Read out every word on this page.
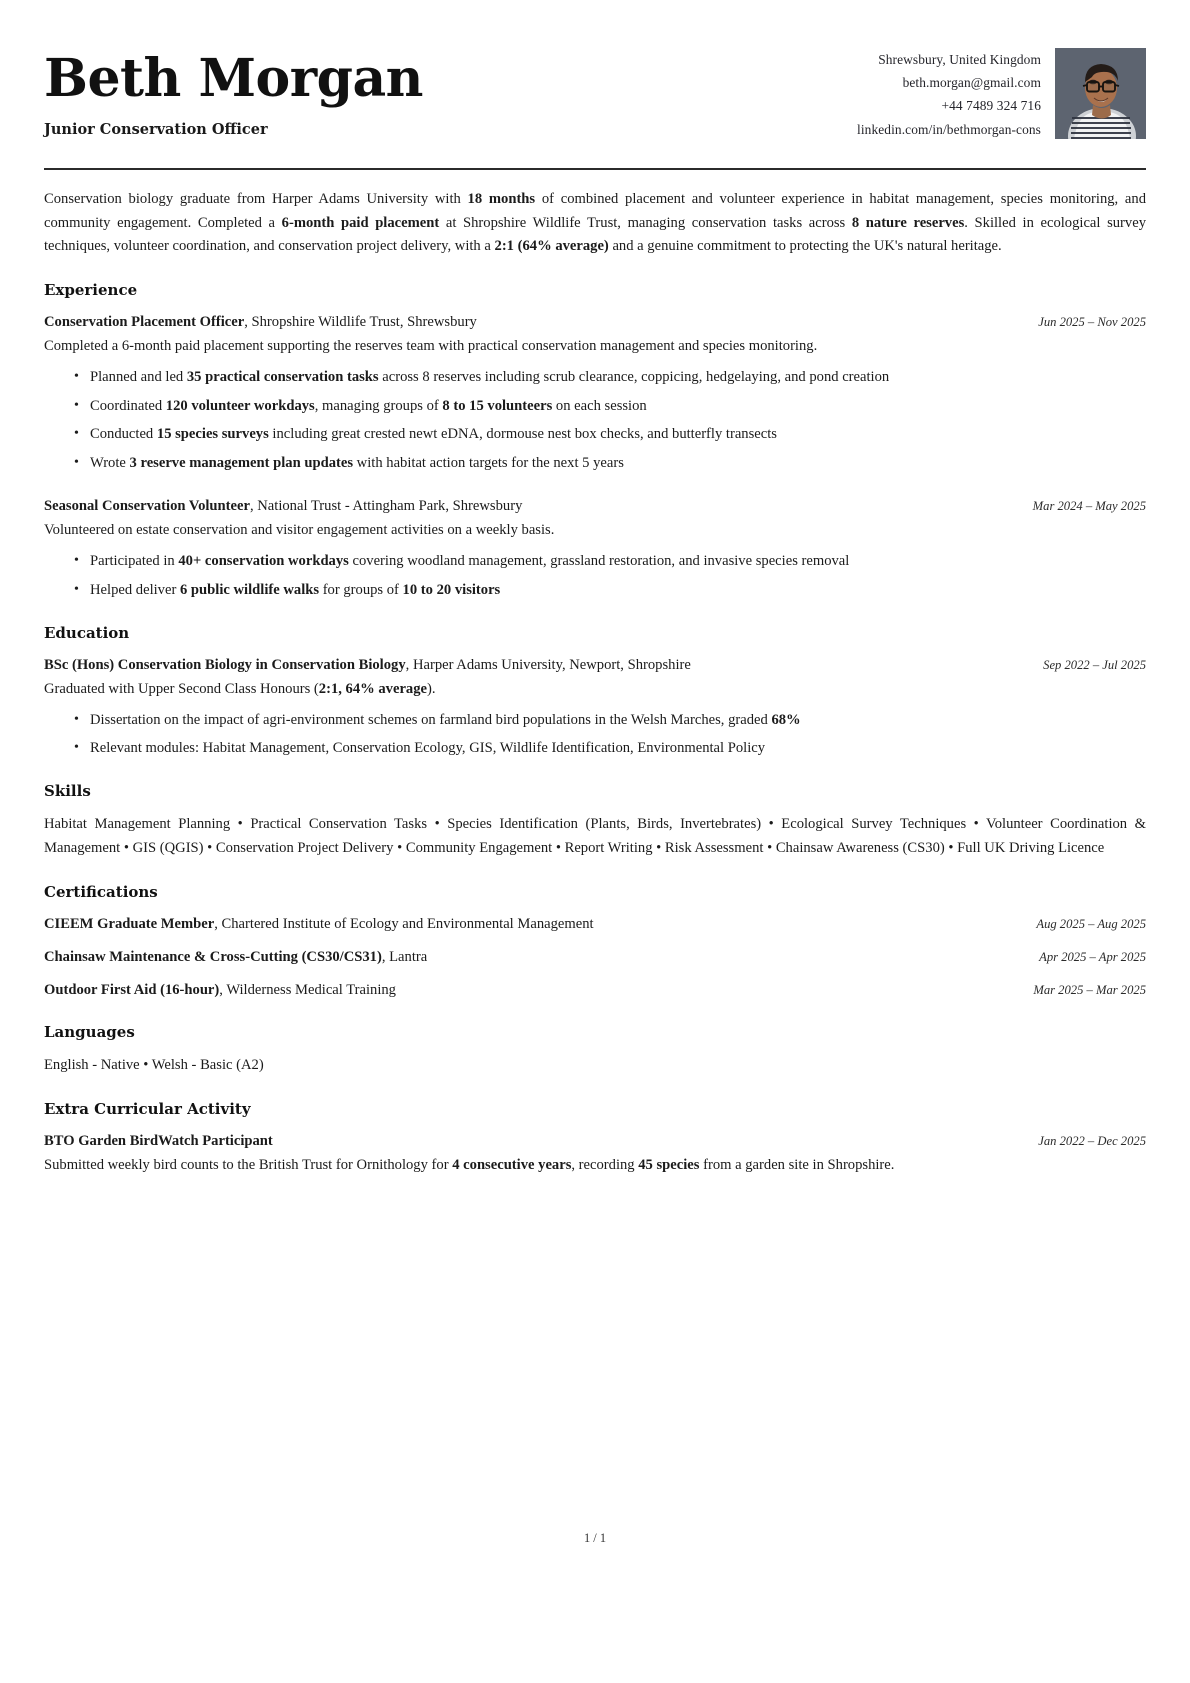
Beth Morgan
Junior Conservation Officer
Shrewsbury, United Kingdom
beth.morgan@gmail.com
+44 7489 324 716
linkedin.com/in/bethmorgan-cons
Conservation biology graduate from Harper Adams University with 18 months of combined placement and volunteer experience in habitat management, species monitoring, and community engagement. Completed a 6-month paid placement at Shropshire Wildlife Trust, managing conservation tasks across 8 nature reserves. Skilled in ecological survey techniques, volunteer coordination, and conservation project delivery, with a 2:1 (64% average) and a genuine commitment to protecting the UK's natural heritage.
Experience
Conservation Placement Officer, Shropshire Wildlife Trust, Shrewsbury	Jun 2025 – Nov 2025
Completed a 6-month paid placement supporting the reserves team with practical conservation management and species monitoring.
• Planned and led 35 practical conservation tasks across 8 reserves including scrub clearance, coppicing, hedgelaying, and pond creation
• Coordinated 120 volunteer workdays, managing groups of 8 to 15 volunteers on each session
• Conducted 15 species surveys including great crested newt eDNA, dormouse nest box checks, and butterfly transects
• Wrote 3 reserve management plan updates with habitat action targets for the next 5 years
Seasonal Conservation Volunteer, National Trust - Attingham Park, Shrewsbury	Mar 2024 – May 2025
Volunteered on estate conservation and visitor engagement activities on a weekly basis.
• Participated in 40+ conservation workdays covering woodland management, grassland restoration, and invasive species removal
• Helped deliver 6 public wildlife walks for groups of 10 to 20 visitors
Education
BSc (Hons) Conservation Biology in Conservation Biology, Harper Adams University, Newport, Shropshire	Sep 2022 – Jul 2025
Graduated with Upper Second Class Honours (2:1, 64% average).
• Dissertation on the impact of agri-environment schemes on farmland bird populations in the Welsh Marches, graded 68%
• Relevant modules: Habitat Management, Conservation Ecology, GIS, Wildlife Identification, Environmental Policy
Skills
Habitat Management Planning • Practical Conservation Tasks • Species Identification (Plants, Birds, Invertebrates) • Ecological Survey Techniques • Volunteer Coordination & Management • GIS (QGIS) • Conservation Project Delivery • Community Engagement • Report Writing • Risk Assessment • Chainsaw Awareness (CS30) • Full UK Driving Licence
Certifications
CIEEM Graduate Member, Chartered Institute of Ecology and Environmental Management	Aug 2025 – Aug 2025
Chainsaw Maintenance & Cross-Cutting (CS30/CS31), Lantra	Apr 2025 – Apr 2025
Outdoor First Aid (16-hour), Wilderness Medical Training	Mar 2025 – Mar 2025
Languages
English - Native • Welsh - Basic (A2)
Extra Curricular Activity
BTO Garden BirdWatch Participant	Jan 2022 – Dec 2025
Submitted weekly bird counts to the British Trust for Ornithology for 4 consecutive years, recording 45 species from a garden site in Shropshire.
1 / 1
